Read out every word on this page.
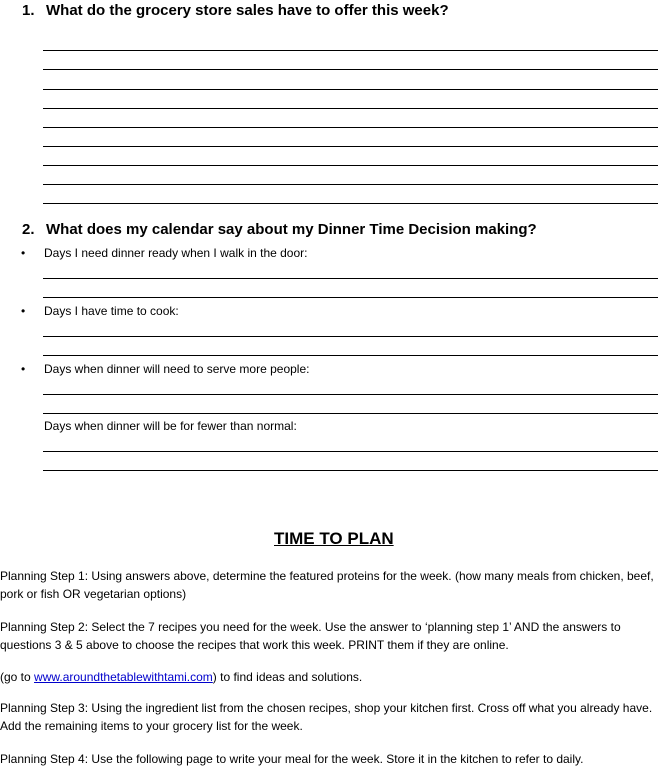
1. What do the grocery store sales have to offer this week?
2. What does my calendar say about my Dinner Time Decision making?
• Days I need dinner ready when I walk in the door:
• Days I have time to cook:
• Days when dinner will need to serve more people:
Days when dinner will be for fewer than normal:
TIME TO PLAN
Planning Step 1: Using answers above, determine the featured proteins for the week. (how many meals from chicken, beef, pork or fish OR vegetarian options)
Planning Step 2: Select the 7 recipes you need for the week. Use the answer to ‘planning step 1’ AND the answers to questions 3 & 5 above to choose the recipes that work this week. PRINT them if they are online.
(go to www.aroundthetablewithtami.com) to find ideas and solutions.
Planning Step 3: Using the ingredient list from the chosen recipes, shop your kitchen first. Cross off what you already have. Add the remaining items to your grocery list for the week.
Planning Step 4: Use the following page to write your meal for the week. Store it in the kitchen to refer to daily.
